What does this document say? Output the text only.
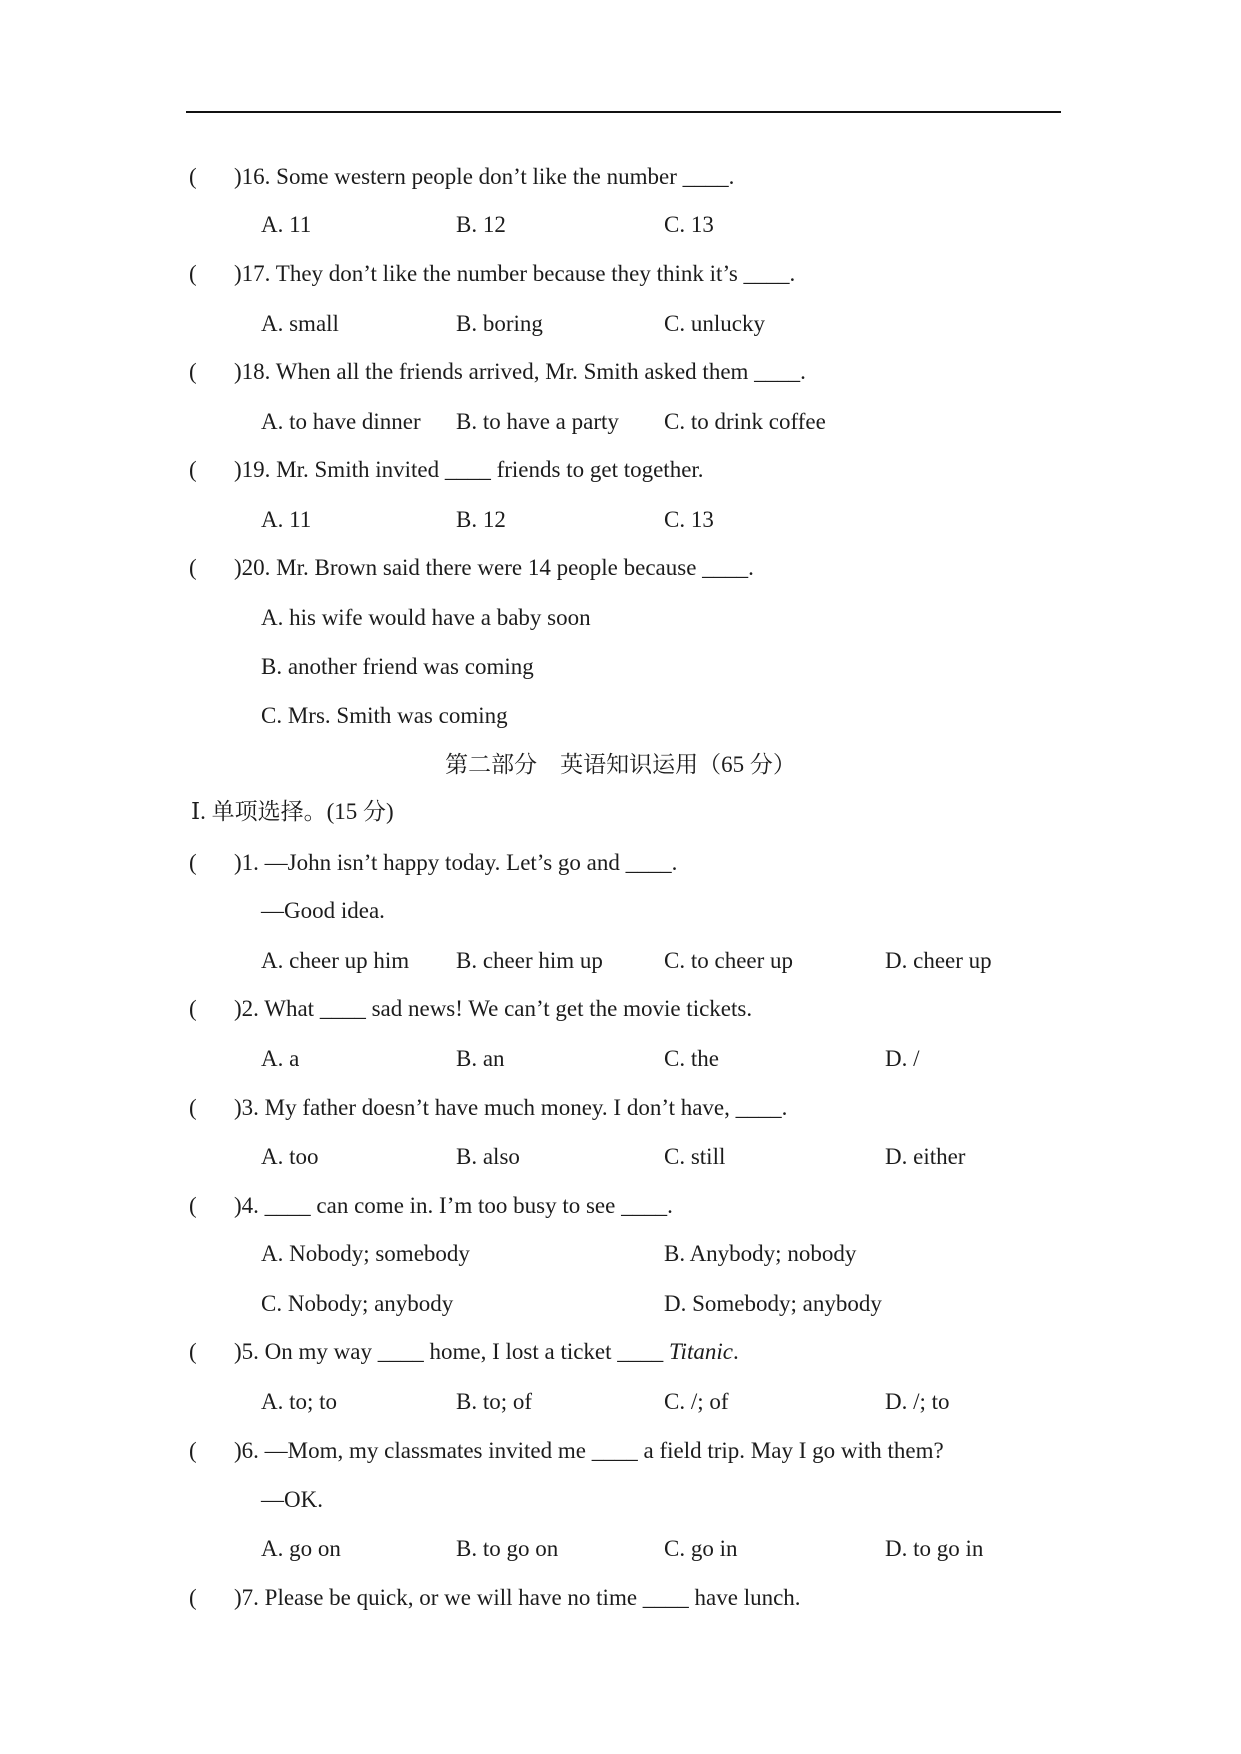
( )16. Some western people don’t like the number ____.
A. 11	B. 12	C. 13
( )17. They don’t like the number because they think it’s ____.
A. small	B. boring	C. unlucky
( )18. When all the friends arrived, Mr. Smith asked them ____.
A. to have dinner B. to have a party C. to drink coffee
( )19. Mr. Smith invited ____ friends to get together.
A. 11	B. 12	C. 13
( )20. Mr. Brown said there were 14 people because ____.
A. his wife would have a baby soon
B. another friend was coming
C. Mrs. Smith was coming
第二部分　英语知识运用（65 分）
Ⅰ. 单项选择。(15 分)
( )1. —John isn’t happy today. Let’s go and ____.
—Good idea.
A. cheer up him B. cheer him up	C. to cheer up	D. cheer up
( )2. What ____ sad news! We can’t get the movie tickets.
A. a	B. an	C. the	D. /
( )3. My father doesn’t have much money. I don’t have, ____.
A. too	B. also	C. still	D. either
( )4. ____ can come in. I’m too busy to see ____.
A. Nobody; somebody	B. Anybody; nobody
C. Nobody; anybody	D. Somebody; anybody
( )5. On my way ____ home, I lost a ticket ____ Titanic.
A. to; to	B. to; of	C. /; of	D. /; to
( )6. —Mom, my classmates invited me ____ a field trip. May I go with them?
—OK.
A. go on	B. to go on	C. go in	D. to go in
( )7. Please be quick, or we will have no time ____ have lunch.
